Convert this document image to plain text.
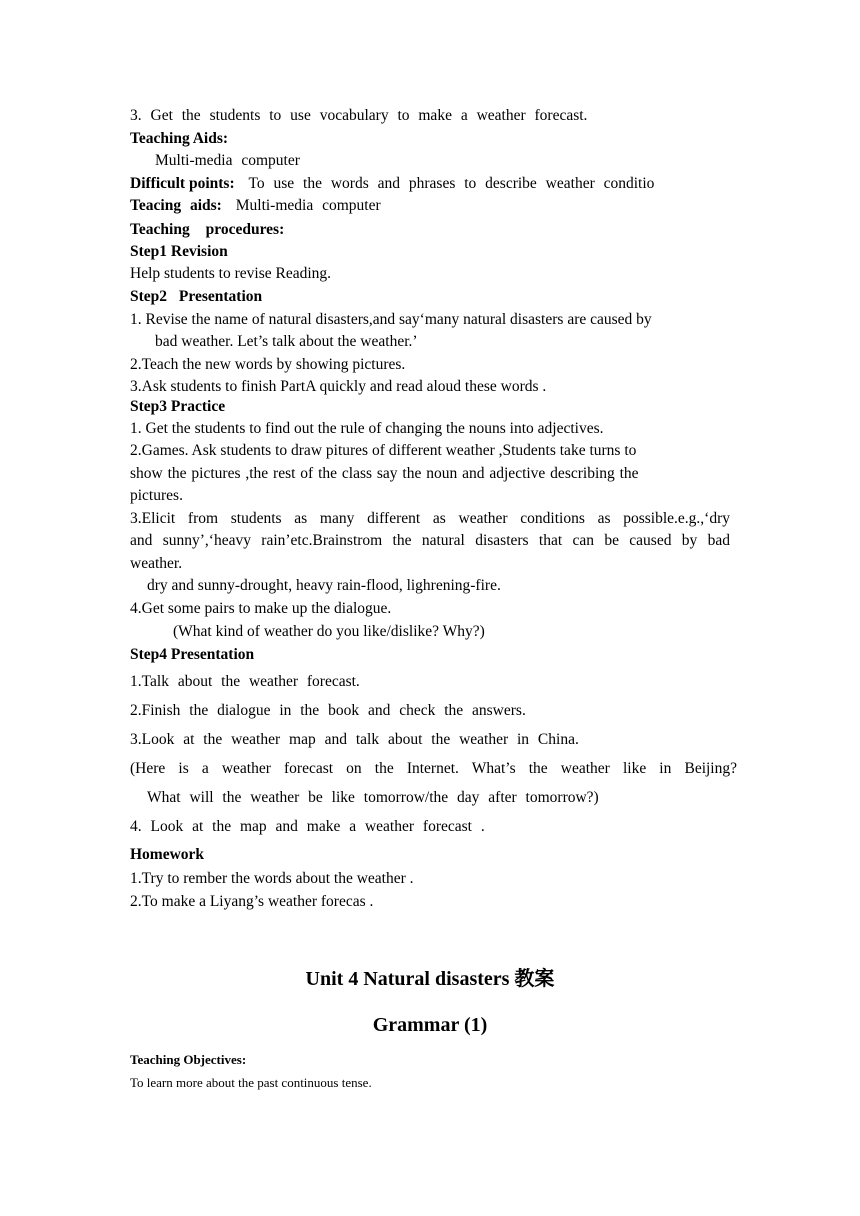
3. Get the students to use vocabulary to make a weather forecast.
Teaching Aids:
Multi-media computer
Difficult points: To use the words and phrases to describe weather conditio
Teacing aids: Multi-media computer
Teaching procedures:
Step1 Revision
Help students to revise Reading.
Step2 Presentation
1. Revise the name of natural disasters,and say‘many natural disasters are caused by
bad weather. Let’s talk about the weather.’
2.Teach the new words by showing pictures.
3.Ask students to finish PartA quickly and read aloud these words .
Step3 Practice
1. Get the students to find out the rule of changing the nouns into adjectives.
2.Games. Ask students to draw pitures of different weather ,Students take turns to
show the pictures ,the rest of the class say the noun and adjective describing the
pictures.
3.Elicit from students as many different as weather conditions as possible.e.g.,‘dry
and sunny’,‘heavy rain’etc.Brainstrom the natural disasters that can be caused by bad
weather.
dry and sunny-drought, heavy rain-flood, lighrening-fire.
4.Get some pairs to make up the dialogue.
(What kind of weather do you like/dislike? Why?)
Step4 Presentation
1.Talk about the weather forecast.
2.Finish the dialogue in the book and check the answers.
3.Look at the weather map and talk about the weather in China.
(Here is a weather forecast on the Internet. What’s the weather like in Beijing?
What will the weather be like tomorrow/the day after tomorrow?)
4. Look at the map and make a weather forecast .
Homework
1.Try to rember the words about the weather .
2.To make a Liyang’s weather forecas .
Unit 4 Natural disasters 教案
Grammar (1)
Teaching Objectives:
To learn more about the past continuous tense.
